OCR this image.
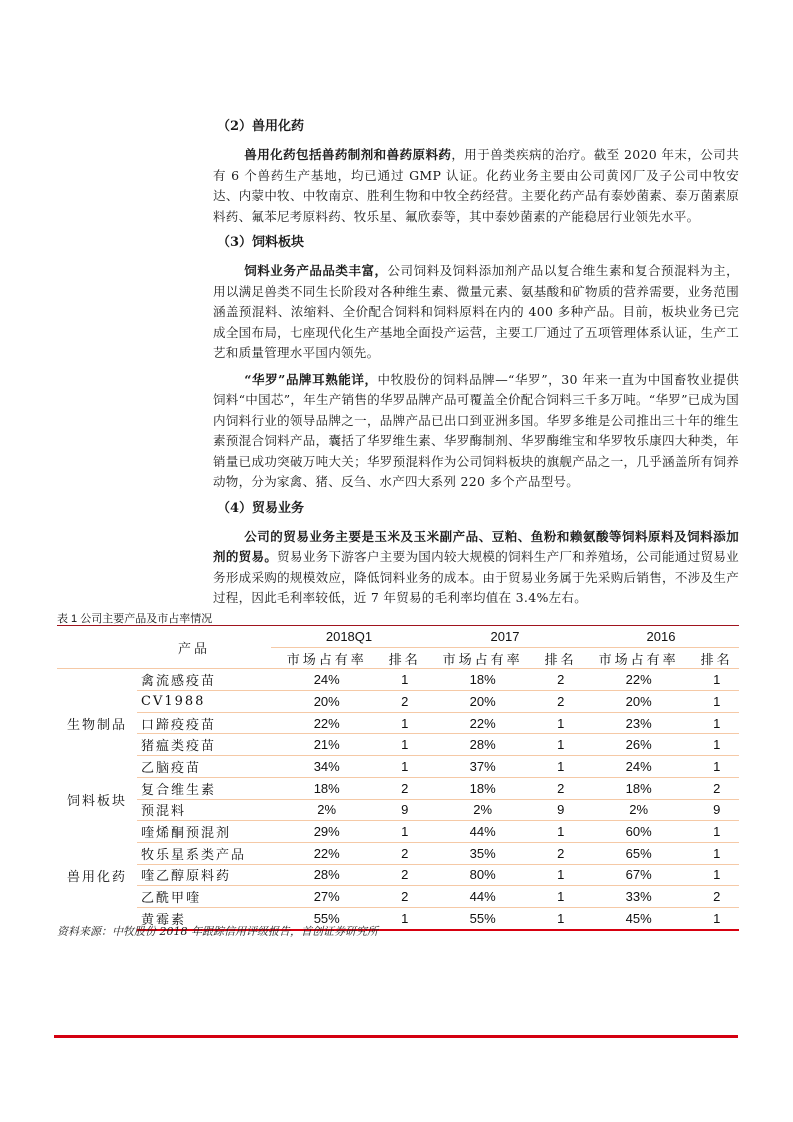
（2）兽用化药

兽用化药包括兽药制剂和兽药原料药，用于兽类疾病的治疗。截至 2020 年末，公司共有 6 个兽药生产基地，均已通过 GMP 认证。化药业务主要由公司黄冈厂及子公司中牧安达、内蒙中牧、中牧南京、胜利生物和中牧全药经营。主要化药产品有泰妙菌素、泰万菌素原料药、氟苯尼考原料药、牧乐星、氟欣泰等，其中泰妙菌素的产能稳居行业领先水平。

（3）饲料板块

饲料业务产品品类丰富，公司饲料及饲料添加剂产品以复合维生素和复合预混料为主，用以满足兽类不同生长阶段对各种维生素、微量元素、氨基酸和矿物质的营养需要，业务范围涵盖预混料、浓缩料、全价配合饲料和饲料原料在内的 400 多种产品。目前，板块业务已完成全国布局，七座现代化生产基地全面投产运营，主要工厂通过了五项管理体系认证，生产工艺和质量管理水平国内领先。

“华罗”品牌耳熟能详，中牧股份的饲料品牌—“华罗”，30 年来一直为中国畜牧业提供饲料“中国芯”，年生产销售的华罗品牌产品可覆盖全价配合饲料三千多万吨。“华罗”已成为国内饲料行业的领导品牌之一，品牌产品已出口到亚洲多国。华罗多维是公司推出三十年的维生素预混合饲料产品，囊括了华罗维生素、华罗酶制剂、华罗酶维宝和华罗牧乐康四大种类，年销量已成功突破万吨大关；华罗预混料作为公司饲料板块的旗舰产品之一，几乎涵盖所有饲养动物，分为家禽、猪、反刍、水产四大系列 220 多个产品型号。

（4）贸易业务

公司的贸易业务主要是玉米及玉米副产品、豆粕、鱼粉和赖氨酸等饲料原料及饲料添加剂的贸易。贸易业务下游客户主要为国内较大规模的饲料生产厂和养殖场，公司能通过贸易业务形成采购的规模效应，降低饲料业务的成本。由于贸易业务属于先采购后销售，不涉及生产过程，因此毛利率较低，近 7 年贸易的毛利率均值在 3.4%左右。

表 1 公司主要产品及市占率情况
产品		2018Q1		2017		2016	
		市场占有率	排名	市场占有率	排名	市场占有率	排名
生物制品	禽流感疫苗	24%	1	18%	2	22%	1
	CV1988	20%	2	20%	2	20%	1
	口蹄疫疫苗	22%	1	22%	1	23%	1
	猪瘟类疫苗	21%	1	28%	1	26%	1
	乙脑疫苗	34%	1	37%	1	24%	1
饲料板块	复合维生素	18%	2	18%	2	18%	2
	预混料	2%	9	2%	9	2%	9
兽用化药	喹烯酮预混剂	29%	1	44%	1	60%	1
	牧乐星系类产品	22%	2	35%	2	65%	1
	喹乙醇原料药	28%	2	80%	1	67%	1
	乙酰甲喹	27%	2	44%	1	33%	2
	黄霉素	55%	1	55%	1	45%	1
资料来源：中牧股份 2018 年跟踪信用评级报告，首创证券研究所
